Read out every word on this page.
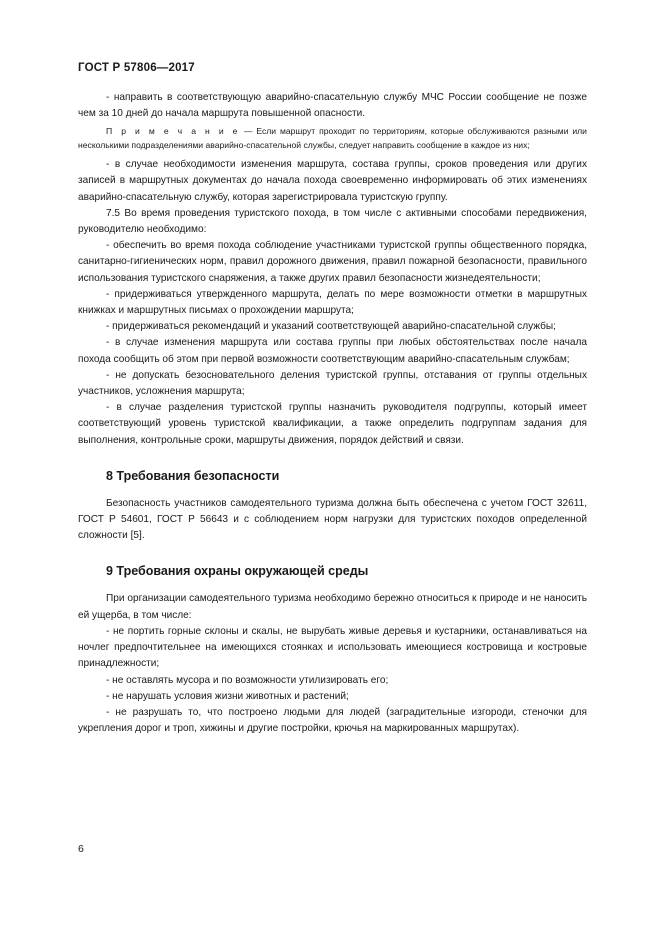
ГОСТ Р 57806—2017

- направить в соответствующую аварийно-спасательную службу МЧС России сообщение не позже чем за 10 дней до начала маршрута повышенной опасности.

П р и м е ч а н и е — Если маршрут проходит по территориям, которые обслуживаются разными или несколькими подразделениями аварийно-спасательной службы, следует направить сообщение в каждое из них;

- в случае необходимости изменения маршрута, состава группы, сроков проведения или других записей в маршрутных документах до начала похода своевременно информировать об этих изменениях аварийно-спасательную службу, которая зарегистрировала туристскую группу.

7.5 Во время проведения туристского похода, в том числе с активными способами передвижения, руководителю необходимо:

- обеспечить во время похода соблюдение участниками туристской группы общественного порядка, санитарно-гигиенических норм, правил дорожного движения, правил пожарной безопасности, правильного использования туристского снаряжения, а также других правил безопасности жизнедеятельности;

- придерживаться утвержденного маршрута, делать по мере возможности отметки в маршрутных книжках и маршрутных письмах о прохождении маршрута;

- придерживаться рекомендаций и указаний соответствующей аварийно-спасательной службы;

- в случае изменения маршрута или состава группы при любых обстоятельствах после начала похода сообщить об этом при первой возможности соответствующим аварийно-спасательным службам;

- не допускать безосновательного деления туристской группы, отставания от группы отдельных участников, усложнения маршрута;

- в случае разделения туристской группы назначить руководителя подгруппы, который имеет соответствующий уровень туристской квалификации, а также определить подгруппам задания для выполнения, контрольные сроки, маршруты движения, порядок действий и связи.

8 Требования безопасности

Безопасность участников самодеятельного туризма должна быть обеспечена с учетом ГОСТ 32611, ГОСТ Р 54601, ГОСТ Р 56643 и с соблюдением норм нагрузки для туристских походов определенной сложности [5].

9 Требования охраны окружающей среды

При организации самодеятельного туризма необходимо бережно относиться к природе и не наносить ей ущерба, в том числе:

- не портить горные склоны и скалы, не вырубать живые деревья и кустарники, останавливаться на ночлег предпочтительнее на имеющихся стоянках и использовать имеющиеся костровища и костровые принадлежности;

- не оставлять мусора и по возможности утилизировать его;

- не нарушать условия жизни животных и растений;

- не разрушать то, что построено людьми для людей (заградительные изгороди, стеночки для укрепления дорог и троп, хижины и другие постройки, крючья на маркированных маршрутах).

6
